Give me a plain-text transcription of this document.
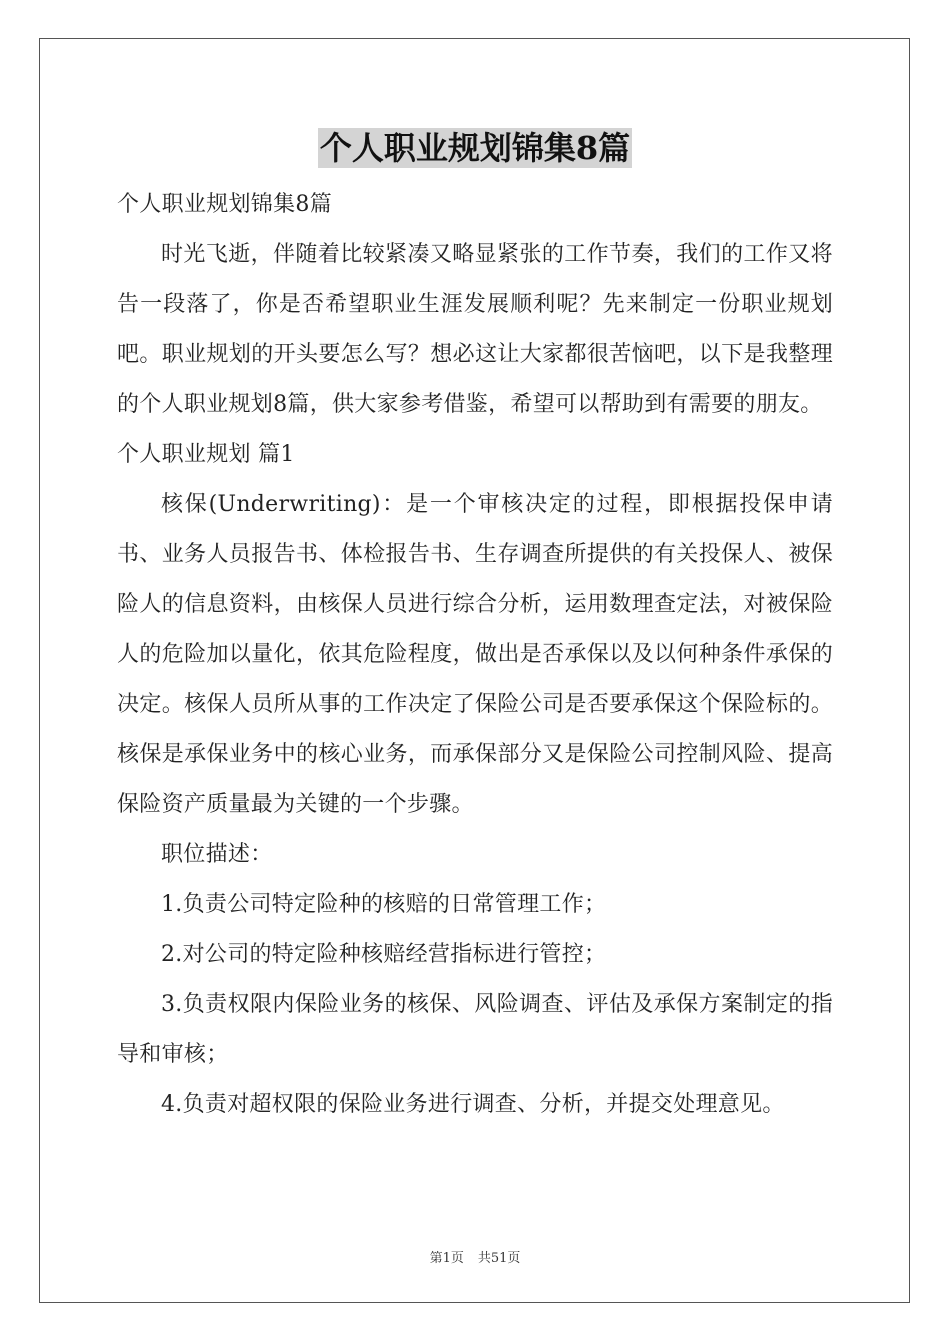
个人职业规划锦集8篇

个人职业规划锦集8篇

时光飞逝，伴随着比较紧凑又略显紧张的工作节奏，我们的工作又将告一段落了，你是否希望职业生涯发展顺利呢？先来制定一份职业规划吧。职业规划的开头要怎么写？想必这让大家都很苦恼吧，以下是我整理的个人职业规划8篇，供大家参考借鉴，希望可以帮助到有需要的朋友。

个人职业规划 篇1

核保(Underwriting)：是一个审核决定的过程，即根据投保申请书、业务人员报告书、体检报告书、生存调查所提供的有关投保人、被保险人的信息资料，由核保人员进行综合分析，运用数理查定法，对被保险人的危险加以量化，依其危险程度，做出是否承保以及以何种条件承保的决定。核保人员所从事的工作决定了保险公司是否要承保这个保险标的。核保是承保业务中的核心业务，而承保部分又是保险公司控制风险、提高保险资产质量最为关键的一个步骤。

职位描述：

1.负责公司特定险种的核赔的日常管理工作；

2.对公司的特定险种核赔经营指标进行管控；

3.负责权限内保险业务的核保、风险调查、评估及承保方案制定的指导和审核；

4.负责对超权限的保险业务进行调查、分析，并提交处理意见。

第1页 共51页
